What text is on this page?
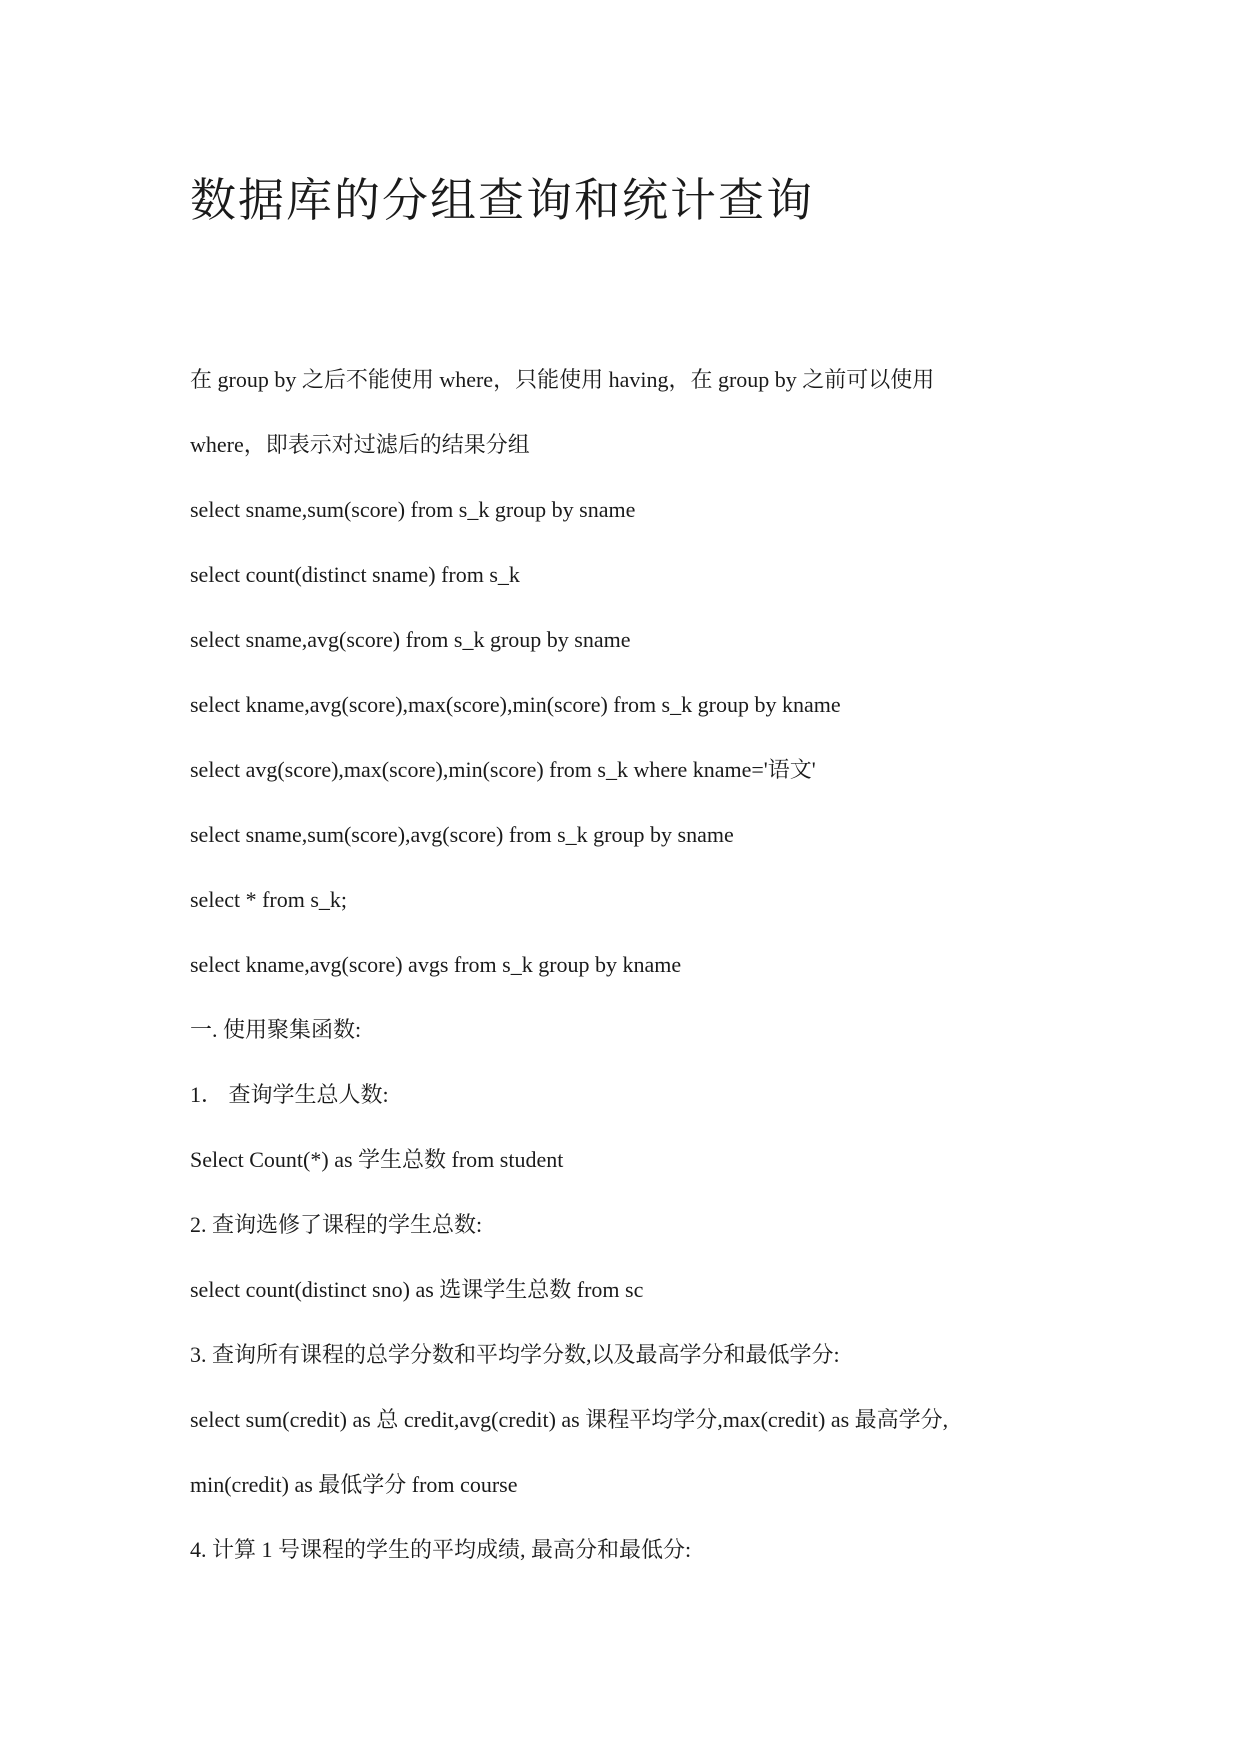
数据库的分组查询和统计查询
在 group by 之后不能使用 where，只能使用 having，在 group by 之前可以使用
where，即表示对过滤后的结果分组
select sname,sum(score) from s_k group by sname
select count(distinct sname) from s_k
select sname,avg(score) from s_k group by sname
select kname,avg(score),max(score),min(score) from s_k group by kname
select avg(score),max(score),min(score) from s_k where kname='语文'
select sname,sum(score),avg(score) from s_k group by sname
select * from s_k;
select kname,avg(score) avgs from s_k group by kname
一. 使用聚集函数:
1． 查询学生总人数:
Select Count(*) as 学生总数 from student
2. 查询选修了课程的学生总数:
select count(distinct sno) as 选课学生总数 from sc
3. 查询所有课程的总学分数和平均学分数,以及最高学分和最低学分:
select sum(credit) as 总 credit,avg(credit) as 课程平均学分,max(credit) as 最高学分,
min(credit) as 最低学分 from course
4. 计算 1 号课程的学生的平均成绩, 最高分和最低分:
